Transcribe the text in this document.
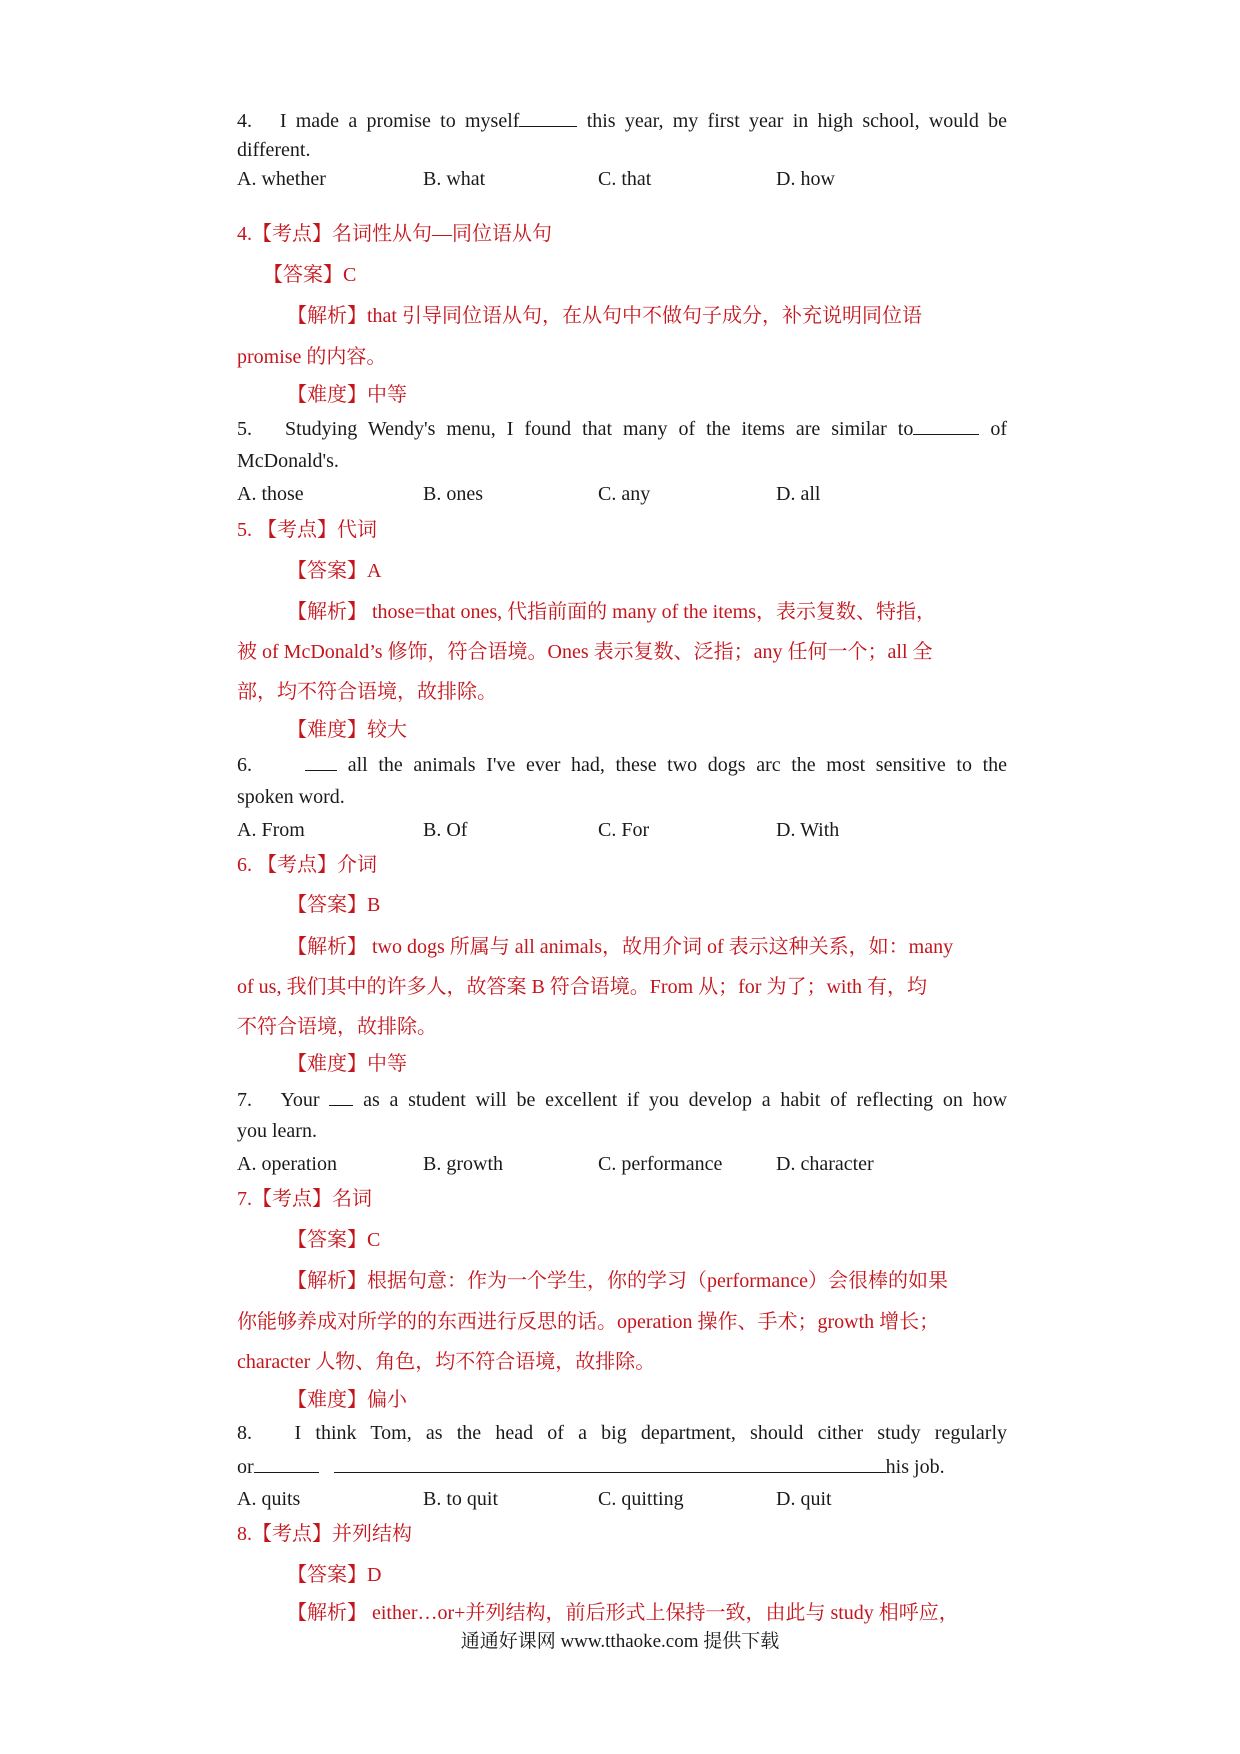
4. I made a promise to myself	this year, my first year in high school, would be
different.
A. whether	B. what	C. that	D. how
4.【考点】名词性从句—同位语从句
【答案】C
【解析】that 引导同位语从句，在从句中不做句子成分，补充说明同位语
promise 的内容。
【难度】中等
5. Studying Wendy's menu, I found that many of the items are similar to	of
McDonald's.
A. those	B. ones	C. any	D. all
5. 【考点】代词
【答案】A
【解析】 those=that ones, 代指前面的 many of the items，表示复数、特指，
被 of McDonald’s 修饰，符合语境。Ones 表示复数、泛指；any 任何一个；all 全
部，均不符合语境，故排除。
【难度】较大
6.	all the animals I've ever had, these two dogs arc the most sensitive to the
spoken word.
A. From	B. Of	C. For	D. With
6. 【考点】介词
【答案】B
【解析】 two dogs 所属与 all animals，故用介词 of 表示这种关系，如：many
of us, 我们其中的许多人，故答案 B 符合语境。From 从；for 为了；with 有，均
不符合语境，故排除。
【难度】中等
7. Your  as a student will be excellent if you develop a habit of reflecting on how
you learn.
A. operation	B. growth	C. performance	D. character
7.【考点】名词
【答案】C
【解析】根据句意：作为一个学生，你的学习（performance）会很棒的如果
你能够养成对所学的的东西进行反思的话。operation 操作、手术；growth 增长；
character 人物、角色，均不符合语境，故排除。
【难度】偏小
8. I think Tom, as the head of a big department, should cither study regularly
or	his job.
A. quits	B. to quit	C. quitting	D. quit
8.【考点】并列结构
【答案】D
【解析】 either…or+并列结构，前后形式上保持一致，由此与 study 相呼应，
通通好课网 www.tthaoke.com 提供下载
